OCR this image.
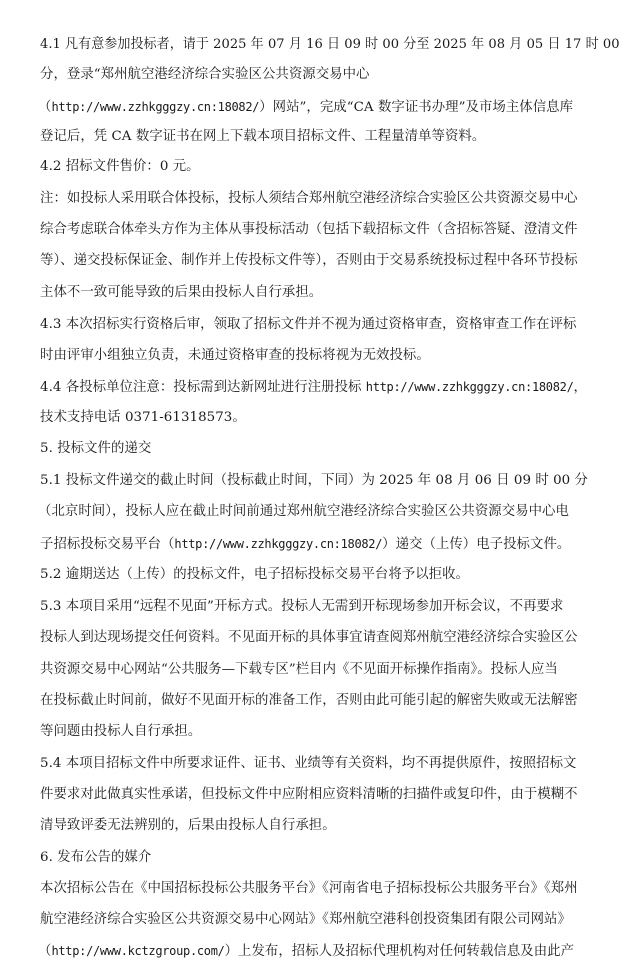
4.1 凡有意参加投标者，请于 2025 年 07 月 16 日 09 时 00 分至 2025 年 08 月 05 日 17 时 00
分，登录“郑州航空港经济综合实验区公共资源交易中心
（http://www.zzhkgggzy.cn:18082/）网站”，完成“CA 数字证书办理”及市场主体信息库
登记后，凭 CA 数字证书在网上下载本项目招标文件、工程量清单等资料。
4.2 招标文件售价：0 元。
注：如投标人采用联合体投标，投标人须结合郑州航空港经济综合实验区公共资源交易中心
综合考虑联合体牵头方作为主体从事投标活动（包括下载招标文件（含招标答疑、澄清文件
等）、递交投标保证金、制作并上传投标文件等），否则由于交易系统投标过程中各环节投标
主体不一致可能导致的后果由投标人自行承担。
4.3 本次招标实行资格后审，领取了招标文件并不视为通过资格审查，资格审查工作在评标
时由评审小组独立负责，未通过资格审查的投标将视为无效投标。
4.4 各投标单位注意：投标需到达新网址进行注册投标 http://www.zzhkgggzy.cn:18082/，
技术支持电话 0371-61318573。
5. 投标文件的递交
5.1 投标文件递交的截止时间（投标截止时间，下同）为 2025 年 08 月 06 日 09 时 00 分
（北京时间），投标人应在截止时间前通过郑州航空港经济综合实验区公共资源交易中心电
子招标投标交易平台（http://www.zzhkgggzy.cn:18082/）递交（上传）电子投标文件。
5.2 逾期送达（上传）的投标文件，电子招标投标交易平台将予以拒收。
5.3 本项目采用“远程不见面”开标方式。投标人无需到开标现场参加开标会议，不再要求
投标人到达现场提交任何资料。不见面开标的具体事宜请查阅郑州航空港经济综合实验区公
共资源交易中心网站“公共服务—下载专区”栏目内《不见面开标操作指南》。投标人应当
在投标截止时间前，做好不见面开标的准备工作，否则由此可能引起的解密失败或无法解密
等问题由投标人自行承担。
5.4 本项目招标文件中所要求证件、证书、业绩等有关资料，均不再提供原件，按照招标文
件要求对此做真实性承诺，但投标文件中应附相应资料清晰的扫描件或复印件，由于模糊不
清导致评委无法辨别的，后果由投标人自行承担。
6. 发布公告的媒介
本次招标公告在《中国招标投标公共服务平台》《河南省电子招标投标公共服务平台》《郑州
航空港经济综合实验区公共资源交易中心网站》《郑州航空港科创投资集团有限公司网站》
（http://www.kctzgroup.com/）上发布，招标人及招标代理机构对任何转载信息及由此产
